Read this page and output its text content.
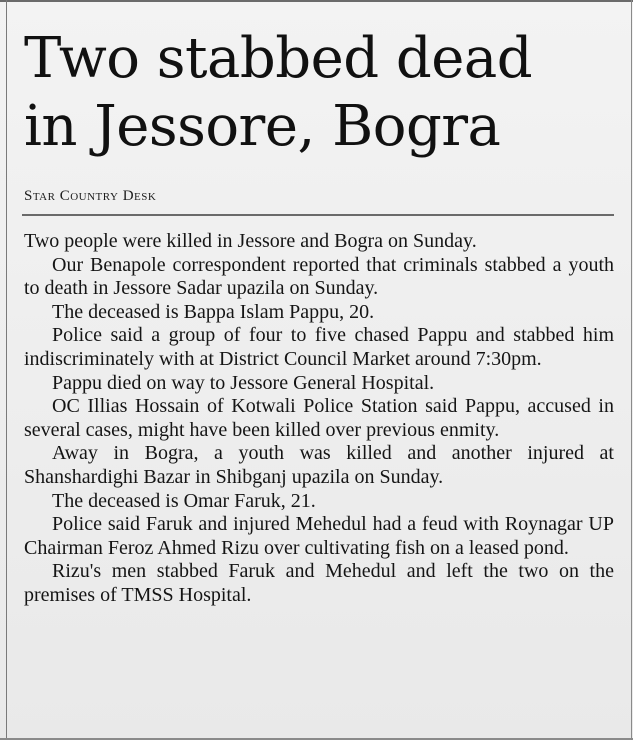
Two stabbed dead
in Jessore, Bogra
Star Country Desk

Two people were killed in Jessore and Bogra on Sunday.

Our Benapole correspondent reported that criminals stabbed a youth to death in Jessore Sadar upazila on Sunday.

The deceased is Bappa Islam Pappu, 20.

Police said a group of four to five chased Pappu and stabbed him indiscriminately with at District Council Market around 7:30pm.

Pappu died on way to Jessore General Hospital.

OC Illias Hossain of Kotwali Police Station said Pappu, accused in several cases, might have been killed over previous enmity.

Away in Bogra, a youth was killed and another injured at Shanshardighi Bazar in Shibganj upazila on Sunday.

The deceased is Omar Faruk, 21.

Police said Faruk and injured Mehedul had a feud with Roynagar UP Chairman Feroz Ahmed Rizu over cultivating fish on a leased pond.

Rizu's men stabbed Faruk and Mehedul and left the two on the premises of TMSS Hospital.
